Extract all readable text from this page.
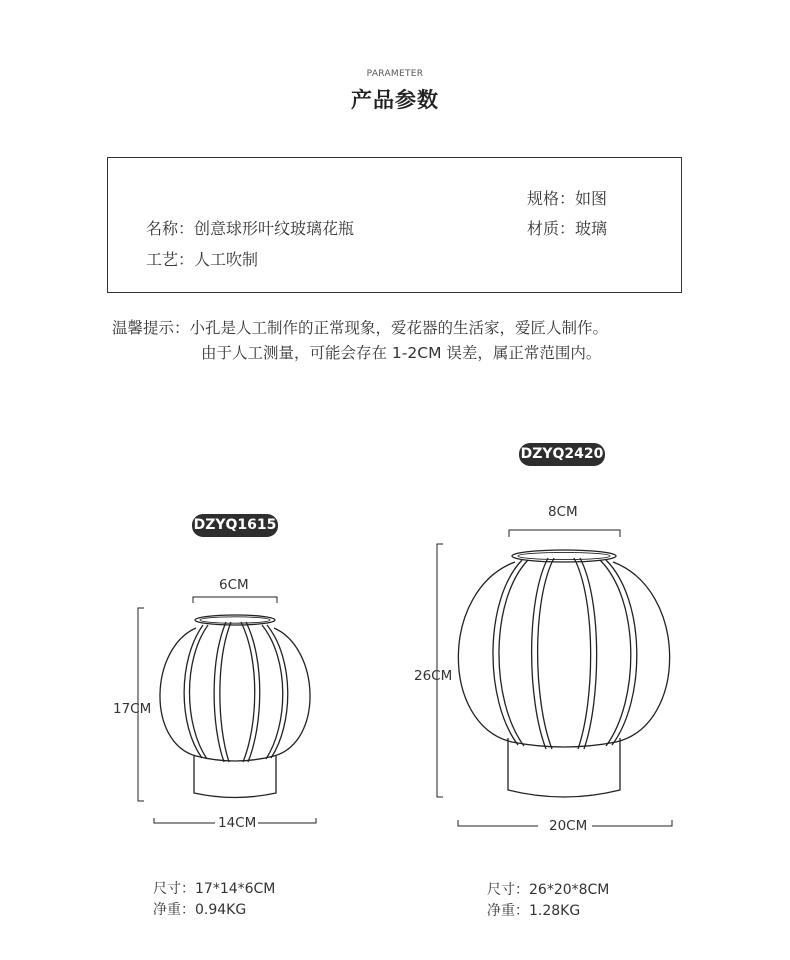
PARAMETER
产品参数
规格：如图
名称：创意球形叶纹玻璃花瓶	材质：玻璃
工艺：人工吹制
温馨提示：小孔是人工制作的正常现象，爱花器的生活家，爱匠人制作。
由于人工测量，可能会存在 1-2CM 误差，属正常范围内。
DZYQ1615
6CM
17CM
14CM
尺寸：17*14*6CM
净重：0.94KG
DZYQ2420
8CM
26CM
20CM
尺寸：26*20*8CM
净重：1.28KG
